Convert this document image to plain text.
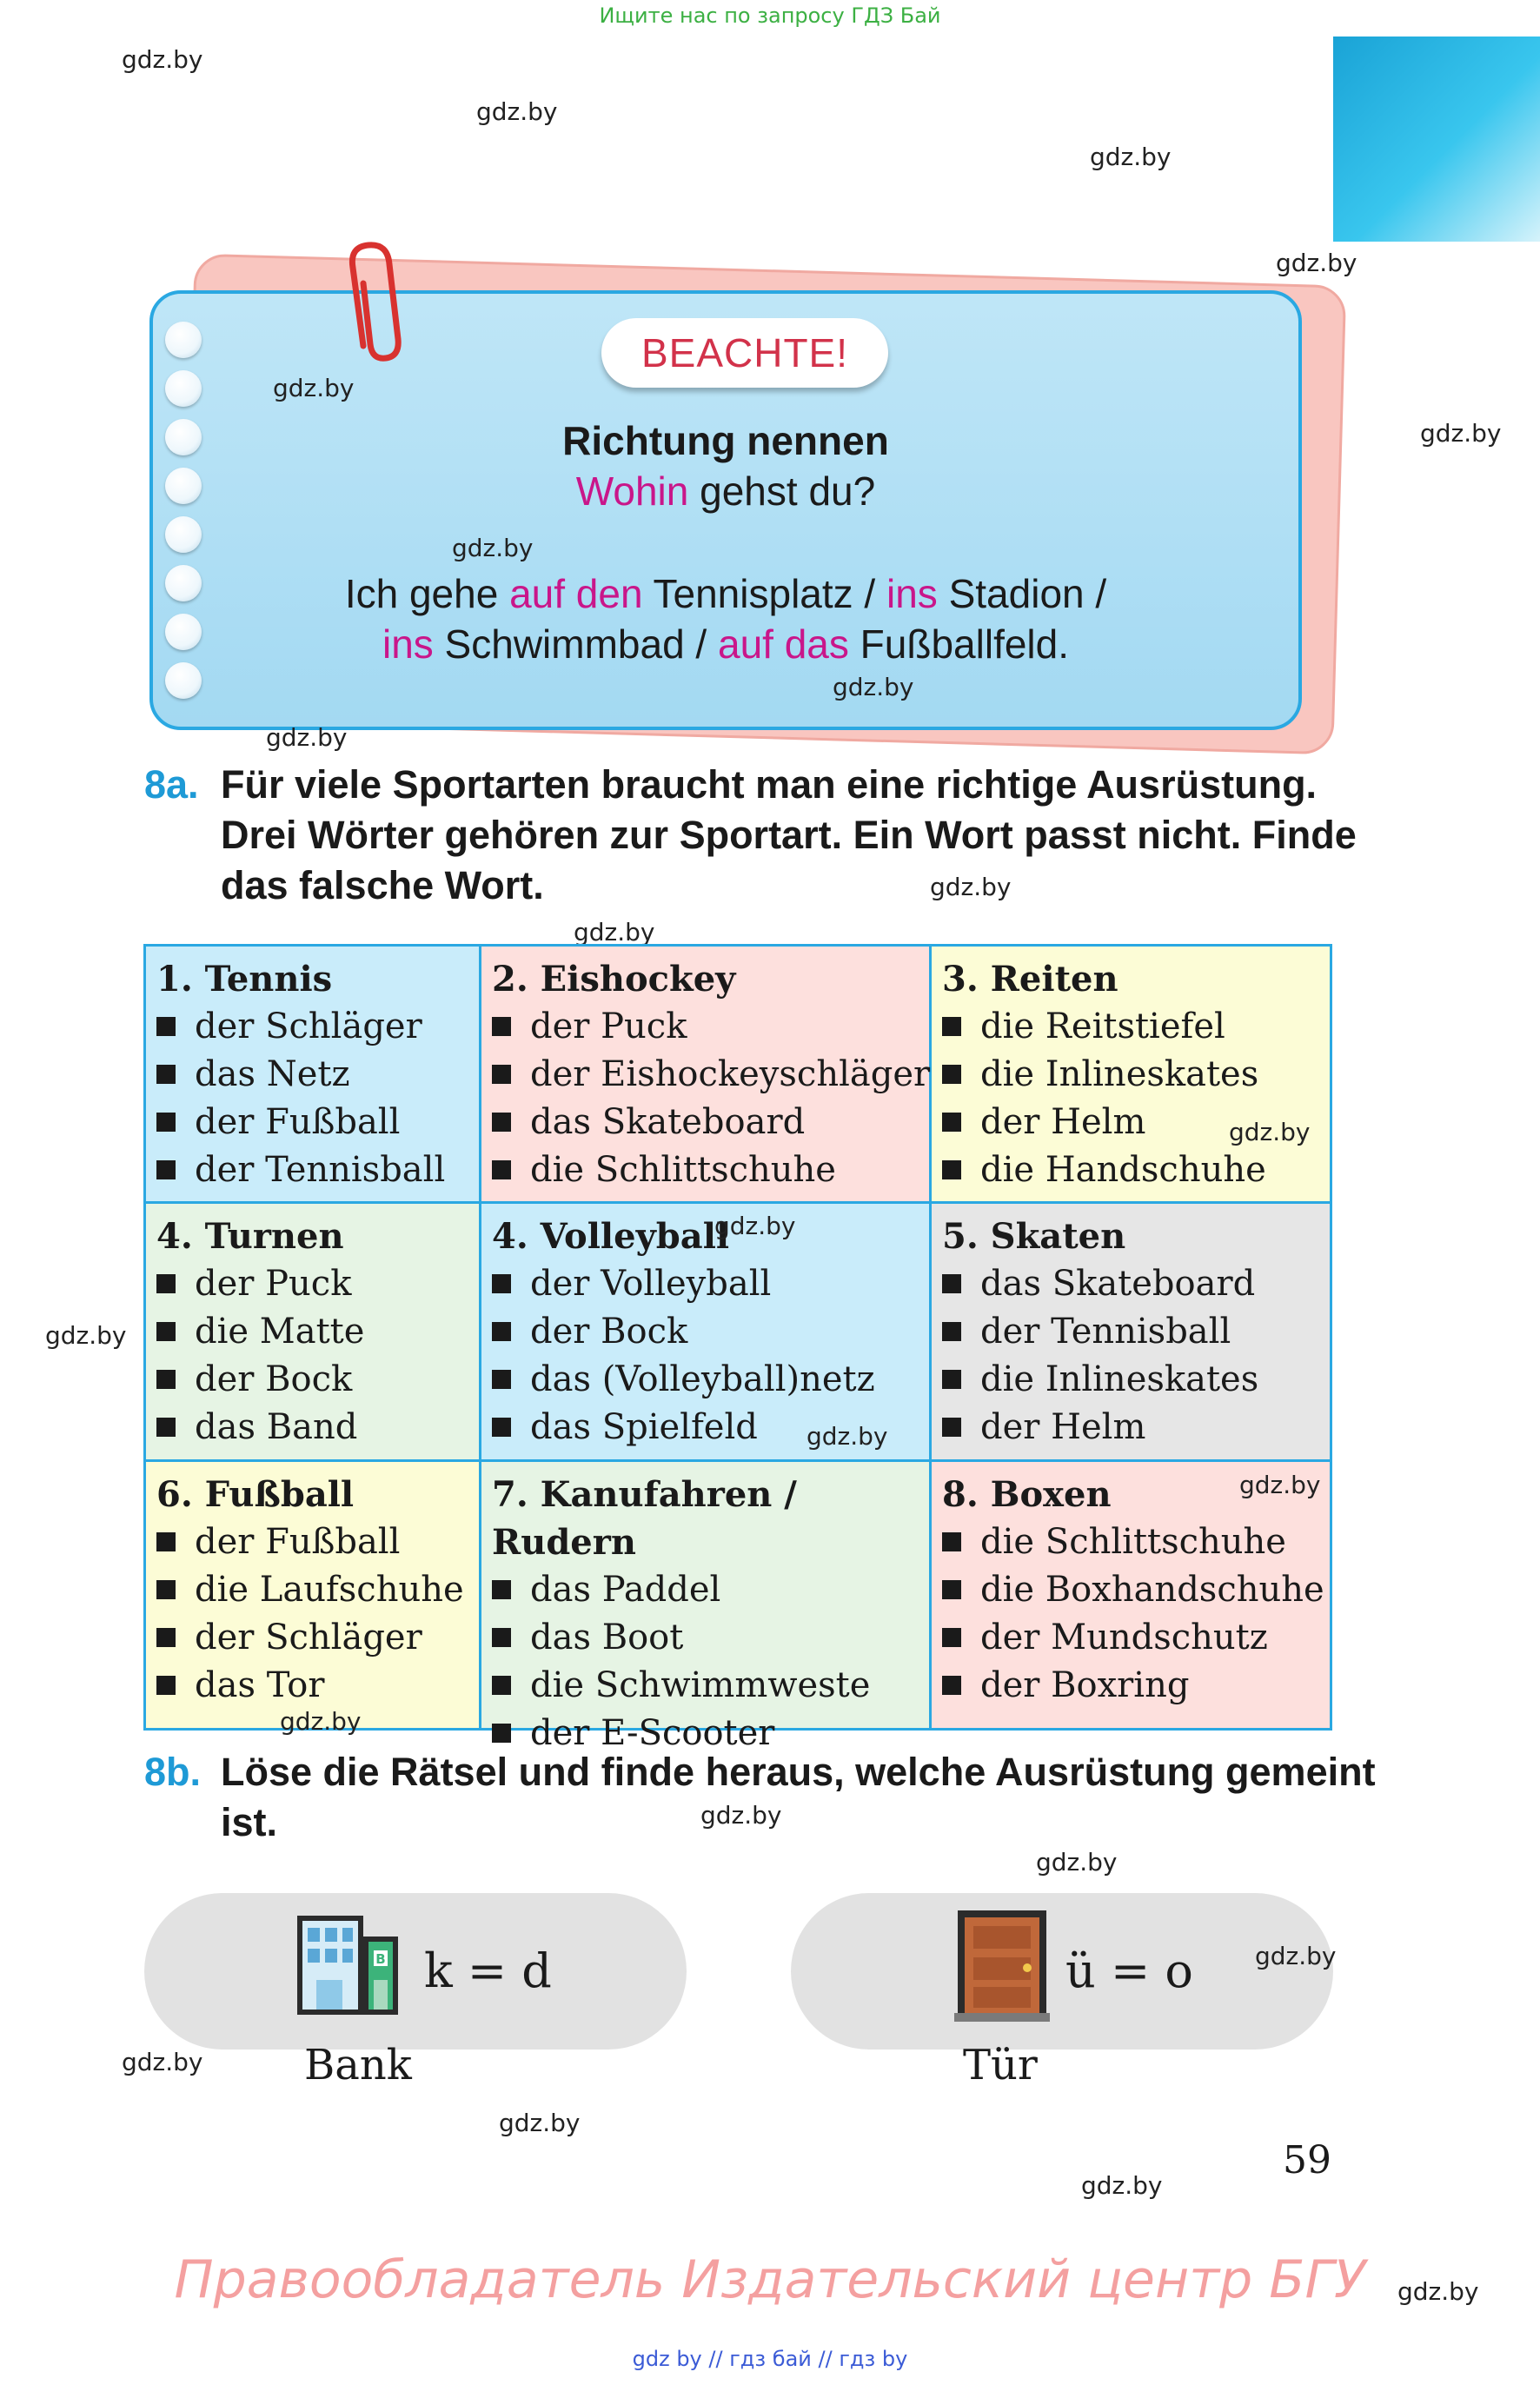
Ищите нас по запросу ГДЗ Бай
gdz.by
gdz.by
gdz.by
gdz.by
gdz.by
BEACHTE!
gdz.by
Richtung nennen
Wohin gehst du?
gdz.by
Ich gehe auf den Tennisplatz / ins Stadion /
ins Schwimmbad / auf das Fußballfeld.
gdz.by
gdz.by
8a. Für viele Sportarten braucht man eine richtige Ausrüstung.
Drei Wörter gehören zur Sportart. Ein Wort passt nicht. Finde
das falsche Wort.	gdz.by
gdz.by
1. Tennis
der Schläger
das Netz
der Fußball
der Tennisball
2. Eishockey
der Puck
der Eishockeyschläger
das Skateboard
die Schlittschuhe
3. Reiten
die Reitstiefel
die Inlineskates
der Helm
die Handschuhe
4. Turnen
der Puck
die Matte
der Bock
das Band
4. Volleyball
der Volleyball
der Bock
das (Volleyball)netz
das Spielfeld
5. Skaten
das Skateboard
der Tennisball
die Inlineskates
der Helm
6. Fußball
der Fußball
die Laufschuhe
der Schläger
das Tor
7. Kanufahren / Rudern
das Paddel
das Boot
die Schwimmweste
der E-Scooter
8. Boxen
die Schlittschuhe
die Boxhandschuhe
der Mundschutz
der Boxring
gdz.by
gdz.by
gdz.by
gdz.by
gdz.by
gdz.by
8b. Löse die Rätsel und finde heraus, welche Ausrüstung gemeint
ist.	gdz.by
gdz.by
B k = d
Bank
ü = o
Tür
gdz.by
gdz.by
gdz.by
59
gdz.by
Правообладатель Издательский центр БГУ	gdz.by
gdz by // гдз бай // гдз by
